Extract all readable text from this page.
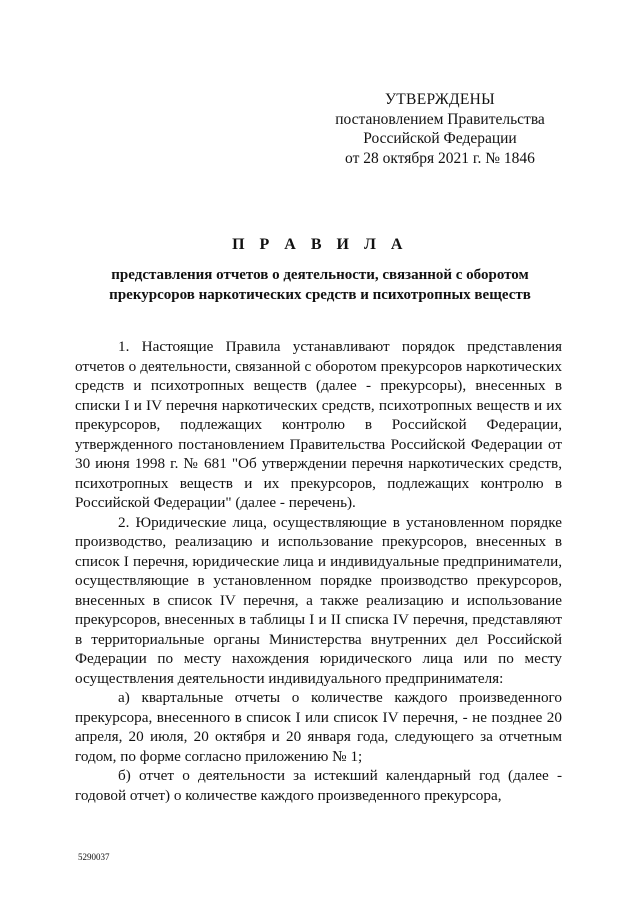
УТВЕРЖДЕНЫ
постановлением Правительства
Российской Федерации
от 28 октября 2021 г. № 1846
П Р А В И Л А
представления отчетов о деятельности, связанной с оборотом
прекурсоров наркотических средств и психотропных веществ

1. Настоящие Правила устанавливают порядок представления отчетов о деятельности, связанной с оборотом прекурсоров наркотических средств и психотропных веществ (далее - прекурсоры), внесенных в списки I и IV перечня наркотических средств, психотропных веществ и их прекурсоров, подлежащих контролю в Российской Федерации, утвержденного постановлением Правительства Российской Федерации от 30 июня 1998 г. № 681 "Об утверждении перечня наркотических средств, психотропных веществ и их прекурсоров, подлежащих контролю в Российской Федерации" (далее - перечень).

2. Юридические лица, осуществляющие в установленном порядке производство, реализацию и использование прекурсоров, внесенных в список I перечня, юридические лица и индивидуальные предприниматели, осуществляющие в установленном порядке производство прекурсоров, внесенных в список IV перечня, а также реализацию и использование прекурсоров, внесенных в таблицы I и II списка IV перечня, представляют в территориальные органы Министерства внутренних дел Российской Федерации по месту нахождения юридического лица или по месту осуществления деятельности индивидуального предпринимателя:

а) квартальные отчеты о количестве каждого произведенного прекурсора, внесенного в список I или список IV перечня, - не позднее 20 апреля, 20 июля, 20 октября и 20 января года, следующего за отчетным годом, по форме согласно приложению № 1;

б) отчет о деятельности за истекший календарный год (далее - годовой отчет) о количестве каждого произведенного прекурсора,

5290037
